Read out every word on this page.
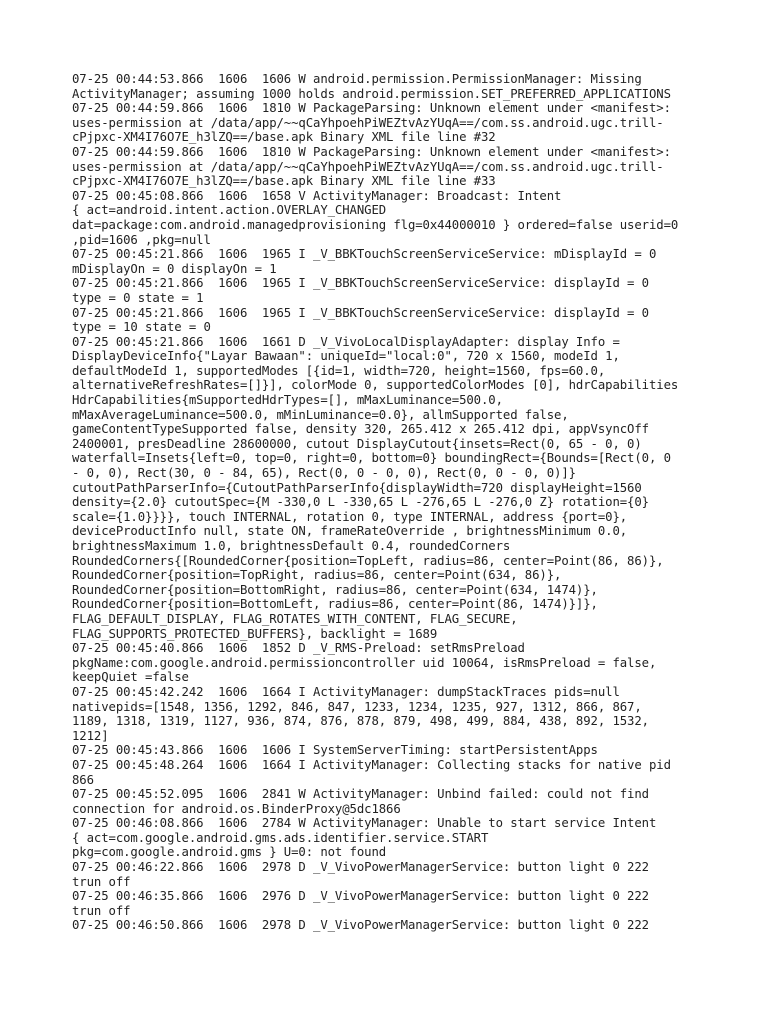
07-25 00:44:53.866  1606  1606 W android.permission.PermissionManager: Missing
ActivityManager; assuming 1000 holds android.permission.SET_PREFERRED_APPLICATIONS
07-25 00:44:59.866  1606  1810 W PackageParsing: Unknown element under <manifest>:
uses-permission at /data/app/~~qCaYhpoehPiWEZtvAzYUqA==/com.ss.android.ugc.trill-
cPjpxc-XM4I76O7E_h3lZQ==/base.apk Binary XML file line #32
07-25 00:44:59.866  1606  1810 W PackageParsing: Unknown element under <manifest>:
uses-permission at /data/app/~~qCaYhpoehPiWEZtvAzYUqA==/com.ss.android.ugc.trill-
cPjpxc-XM4I76O7E_h3lZQ==/base.apk Binary XML file line #33
07-25 00:45:08.866  1606  1658 V ActivityManager: Broadcast: Intent
{ act=android.intent.action.OVERLAY_CHANGED
dat=package:com.android.managedprovisioning flg=0x44000010 } ordered=false userid=0
,pid=1606 ,pkg=null
07-25 00:45:21.866  1606  1965 I _V_BBKTouchScreenServiceService: mDisplayId = 0
mDisplayOn = 0 displayOn = 1
07-25 00:45:21.866  1606  1965 I _V_BBKTouchScreenServiceService: displayId = 0
type = 0 state = 1
07-25 00:45:21.866  1606  1965 I _V_BBKTouchScreenServiceService: displayId = 0
type = 10 state = 0
07-25 00:45:21.866  1606  1661 D _V_VivoLocalDisplayAdapter: display Info =
DisplayDeviceInfo{"Layar Bawaan": uniqueId="local:0", 720 x 1560, modeId 1,
defaultModeId 1, supportedModes [{id=1, width=720, height=1560, fps=60.0,
alternativeRefreshRates=[]}], colorMode 0, supportedColorModes [0], hdrCapabilities
HdrCapabilities{mSupportedHdrTypes=[], mMaxLuminance=500.0,
mMaxAverageLuminance=500.0, mMinLuminance=0.0}, allmSupported false,
gameContentTypeSupported false, density 320, 265.412 x 265.412 dpi, appVsyncOff
2400001, presDeadline 28600000, cutout DisplayCutout{insets=Rect(0, 65 - 0, 0)
waterfall=Insets{left=0, top=0, right=0, bottom=0} boundingRect={Bounds=[Rect(0, 0
- 0, 0), Rect(30, 0 - 84, 65), Rect(0, 0 - 0, 0), Rect(0, 0 - 0, 0)]}
cutoutPathParserInfo={CutoutPathParserInfo{displayWidth=720 displayHeight=1560
density={2.0} cutoutSpec={M -330,0 L -330,65 L -276,65 L -276,0 Z} rotation={0}
scale={1.0}}}}, touch INTERNAL, rotation 0, type INTERNAL, address {port=0},
deviceProductInfo null, state ON, frameRateOverride , brightnessMinimum 0.0,
brightnessMaximum 1.0, brightnessDefault 0.4, roundedCorners
RoundedCorners{[RoundedCorner{position=TopLeft, radius=86, center=Point(86, 86)},
RoundedCorner{position=TopRight, radius=86, center=Point(634, 86)},
RoundedCorner{position=BottomRight, radius=86, center=Point(634, 1474)},
RoundedCorner{position=BottomLeft, radius=86, center=Point(86, 1474)}]},
FLAG_DEFAULT_DISPLAY, FLAG_ROTATES_WITH_CONTENT, FLAG_SECURE,
FLAG_SUPPORTS_PROTECTED_BUFFERS}, backlight = 1689
07-25 00:45:40.866  1606  1852 D _V_RMS-Preload: setRmsPreload
pkgName:com.google.android.permissioncontroller uid 10064, isRmsPreload = false,
keepQuiet =false
07-25 00:45:42.242  1606  1664 I ActivityManager: dumpStackTraces pids=null
nativepids=[1548, 1356, 1292, 846, 847, 1233, 1234, 1235, 927, 1312, 866, 867,
1189, 1318, 1319, 1127, 936, 874, 876, 878, 879, 498, 499, 884, 438, 892, 1532,
1212]
07-25 00:45:43.866  1606  1606 I SystemServerTiming: startPersistentApps
07-25 00:45:48.264  1606  1664 I ActivityManager: Collecting stacks for native pid
866
07-25 00:45:52.095  1606  2841 W ActivityManager: Unbind failed: could not find
connection for android.os.BinderProxy@5dc1866
07-25 00:46:08.866  1606  2784 W ActivityManager: Unable to start service Intent
{ act=com.google.android.gms.ads.identifier.service.START
pkg=com.google.android.gms } U=0: not found
07-25 00:46:22.866  1606  2978 D _V_VivoPowerManagerService: button light 0 222
trun off
07-25 00:46:35.866  1606  2976 D _V_VivoPowerManagerService: button light 0 222
trun off
07-25 00:46:50.866  1606  2978 D _V_VivoPowerManagerService: button light 0 222
